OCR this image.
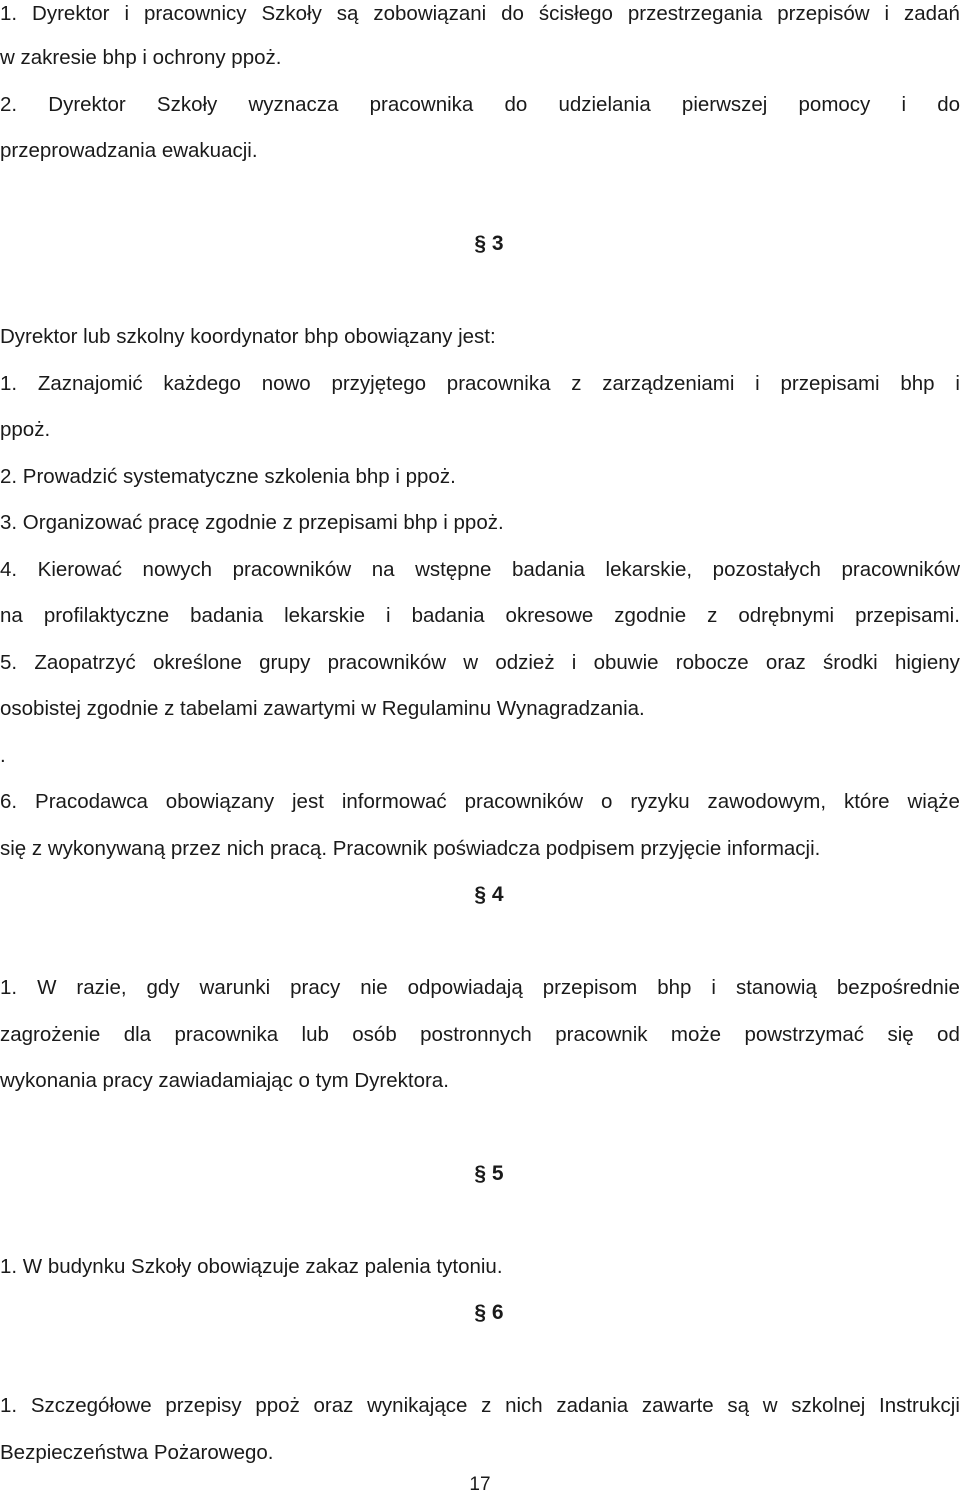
1. Dyrektor i pracownicy Szkoły są zobowiązani do ścisłego przestrzegania przepisów i zadań
w zakresie bhp i ochrony ppoż.
2. Dyrektor Szkoły wyznacza pracownika do udzielania pierwszej pomocy i do
przeprowadzania ewakuacji.
§ 3
Dyrektor lub szkolny koordynator bhp obowiązany jest:
1. Zaznajomić każdego nowo przyjętego pracownika z zarządzeniami i przepisami bhp i
ppoż.
2. Prowadzić systematyczne szkolenia bhp i ppoż.
3. Organizować pracę zgodnie z przepisami bhp i ppoż.
4. Kierować nowych pracowników na wstępne badania lekarskie, pozostałych pracowników
na profilaktyczne badania lekarskie i badania okresowe zgodnie z odrębnymi przepisami.
5. Zaopatrzyć określone grupy pracowników w odzież i obuwie robocze oraz środki higieny
osobistej zgodnie z tabelami zawartymi w Regulaminu Wynagradzania.
.
6. Pracodawca obowiązany jest informować pracowników o ryzyku zawodowym, które wiąże
się z wykonywaną przez nich pracą. Pracownik poświadcza podpisem przyjęcie informacji.
§ 4
1. W razie, gdy warunki pracy nie odpowiadają przepisom bhp i stanowią bezpośrednie
zagrożenie dla pracownika lub osób postronnych pracownik może powstrzymać się od
wykonania pracy zawiadamiając o tym Dyrektora.
§ 5
1. W budynku Szkoły obowiązuje zakaz palenia tytoniu.
§ 6
1. Szczegółowe przepisy ppoż oraz wynikające z nich zadania zawarte są w szkolnej Instrukcji
Bezpieczeństwa Pożarowego.
17
